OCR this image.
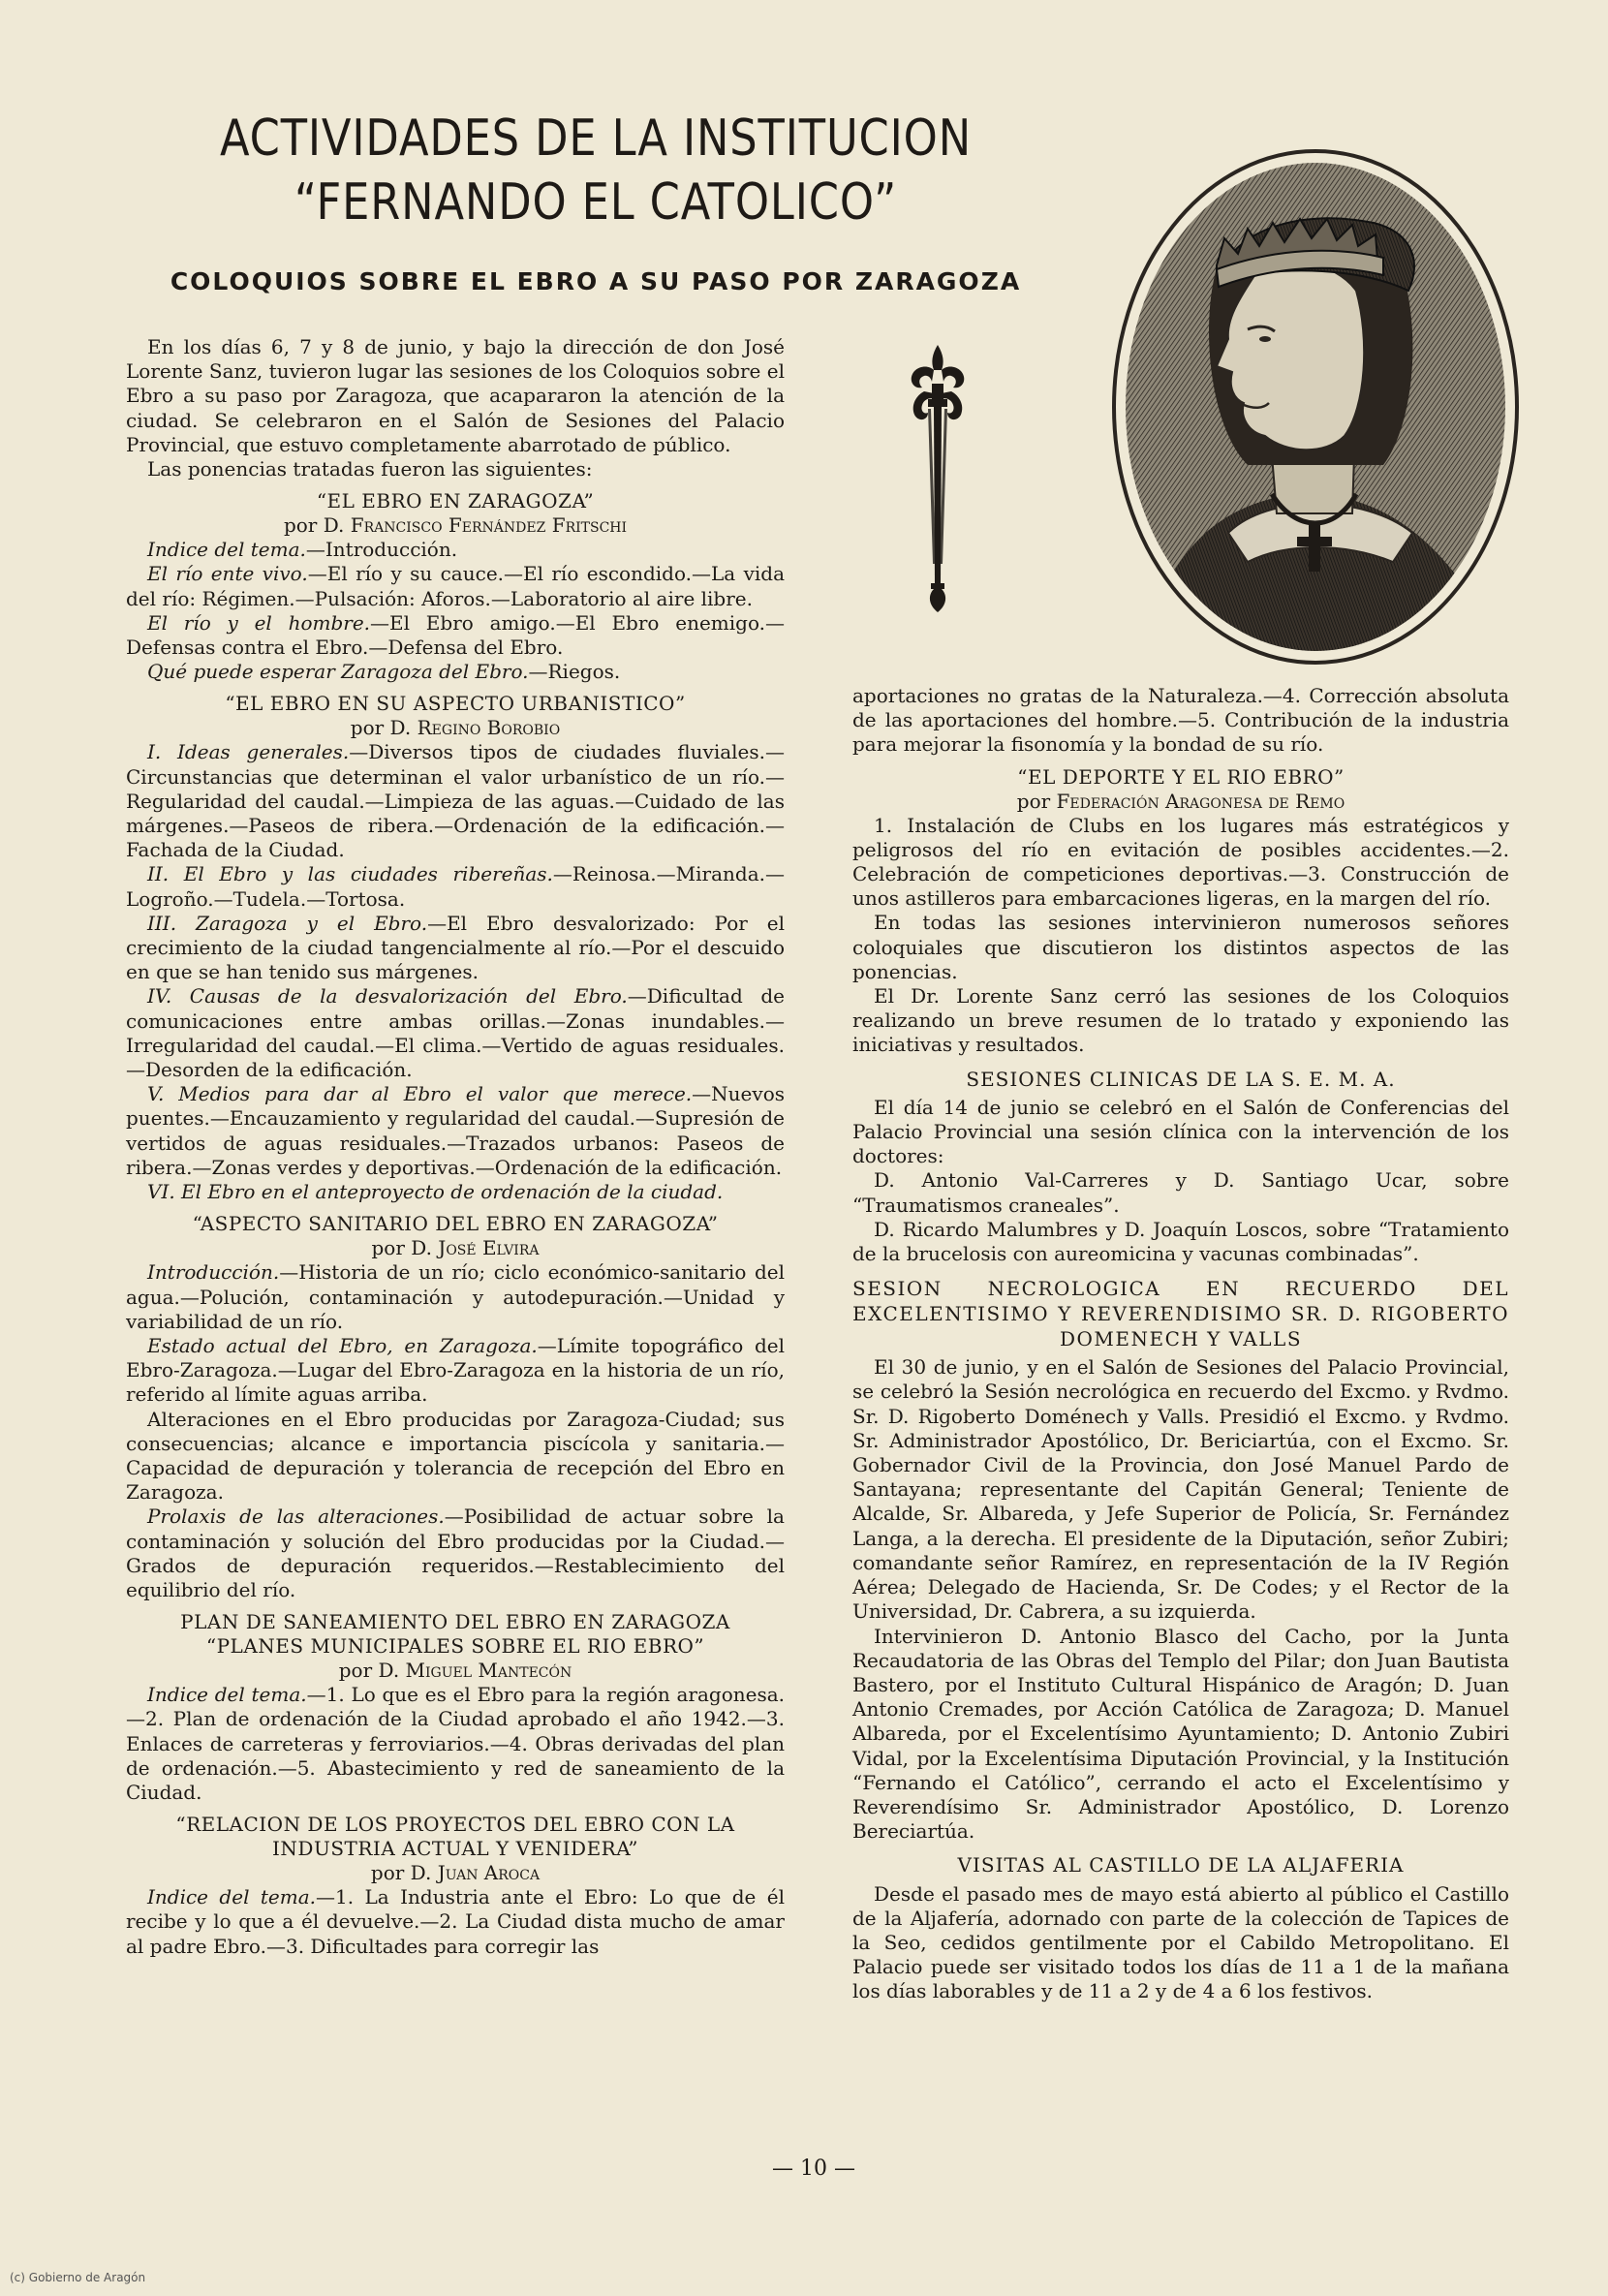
ACTIVIDADES DE LA INSTITUCION
“FERNANDO EL CATOLICO”
COLOQUIOS SOBRE EL EBRO A SU PASO POR ZARAGOZA

En los días 6, 7 y 8 de junio, y bajo la dirección de don José Lorente Sanz, tuvieron lugar las sesiones de los Coloquios sobre el Ebro a su paso por Zaragoza, que acapararon la atención de la ciudad. Se celebraron en el Salón de Sesiones del Palacio Provincial, que estuvo completamente abarrotado de público.

Las ponencias tratadas fueron las siguientes:

“EL EBRO EN ZARAGOZA”
por D. Francisco Fernández Fritschi

Indice del tema.—Introducción.

El río ente vivo.—El río y su cauce.—El río escondido.—La vida del río: Régimen.—Pulsación: Aforos.—Laboratorio al aire libre.

El río y el hombre.—El Ebro amigo.—El Ebro enemigo.—Defensas contra el Ebro.—Defensa del Ebro.

Qué puede esperar Zaragoza del Ebro.—Riegos.

“EL EBRO EN SU ASPECTO URBANISTICO”
por D. Regino Borobio

I. Ideas generales.—Diversos tipos de ciudades fluviales.—Circunstancias que determinan el valor urbanístico de un río.—Regularidad del caudal.—Limpieza de las aguas.—Cuidado de las márgenes.—Paseos de ribera.—Ordenación de la edificación.—Fachada de la Ciudad.

II. El Ebro y las ciudades ribereñas.—Reinosa.—Miranda.—Logroño.—Tudela.—Tortosa.

III. Zaragoza y el Ebro.—El Ebro desvalorizado: Por el crecimiento de la ciudad tangencialmente al río.—Por el descuido en que se han tenido sus márgenes.

IV. Causas de la desvalorización del Ebro.—Dificultad de comunicaciones entre ambas orillas.—Zonas inundables.—Irregularidad del caudal.—El clima.—Vertido de aguas residuales.—Desorden de la edificación.

V. Medios para dar al Ebro el valor que merece.—Nuevos puentes.—Encauzamiento y regularidad del caudal.—Supresión de vertidos de aguas residuales.—Trazados urbanos: Paseos de ribera.—Zonas verdes y deportivas.—Ordenación de la edificación.

VI. El Ebro en el anteproyecto de ordenación de la ciudad.

“ASPECTO SANITARIO DEL EBRO EN ZARAGOZA”
por D. José Elvira

Introducción.—Historia de un río; ciclo económico-sanitario del agua.—Polución, contaminación y autodepuración.—Unidad y variabilidad de un río.

Estado actual del Ebro, en Zaragoza.—Límite topográfico del Ebro-Zaragoza.—Lugar del Ebro-Zaragoza en la historia de un río, referido al límite aguas arriba.

Alteraciones en el Ebro producidas por Zaragoza-Ciudad; sus consecuencias; alcance e importancia piscícola y sanitaria.—Capacidad de depuración y tolerancia de recepción del Ebro en Zaragoza.

Prolaxis de las alteraciones.—Posibilidad de actuar sobre la contaminación y solución del Ebro producidas por la Ciudad.—Grados de depuración requeridos.—Restablecimiento del equilibrio del río.

PLAN DE SANEAMIENTO DEL EBRO EN ZARAGOZA
“PLANES MUNICIPALES SOBRE EL RIO EBRO”
por D. Miguel Mantecón

Indice del tema.—1. Lo que es el Ebro para la región aragonesa.—2. Plan de ordenación de la Ciudad aprobado el año 1942.—3. Enlaces de carreteras y ferroviarios.—4. Obras derivadas del plan de ordenación.—5. Abastecimiento y red de saneamiento de la Ciudad.

“RELACION DE LOS PROYECTOS DEL EBRO CON LA INDUSTRIA ACTUAL Y VENIDERA”
por D. Juan Aroca

Indice del tema.—1. La Industria ante el Ebro: Lo que de él recibe y lo que a él devuelve.—2. La Ciudad dista mucho de amar al padre Ebro.—3. Dificultades para corregir las

aportaciones no gratas de la Naturaleza.—4. Corrección absoluta de las aportaciones del hombre.—5. Contribución de la industria para mejorar la fisonomía y la bondad de su río.

“EL DEPORTE Y EL RIO EBRO”
por Federación Aragonesa de Remo

1. Instalación de Clubs en los lugares más estratégicos y peligrosos del río en evitación de posibles accidentes.—2. Celebración de competiciones deportivas.—3. Construcción de unos astilleros para embarcaciones ligeras, en la margen del río.

En todas las sesiones intervinieron numerosos señores coloquiales que discutieron los distintos aspectos de las ponencias.

El Dr. Lorente Sanz cerró las sesiones de los Coloquios realizando un breve resumen de lo tratado y exponiendo las iniciativas y resultados.

SESIONES CLINICAS DE LA S. E. M. A.

El día 14 de junio se celebró en el Salón de Conferencias del Palacio Provincial una sesión clínica con la intervención de los doctores:

D. Antonio Val-Carreres y D. Santiago Ucar, sobre “Traumatismos craneales”.

D. Ricardo Malumbres y D. Joaquín Loscos, sobre “Tratamiento de la brucelosis con aureomicina y vacunas combinadas”.

SESION NECROLOGICA EN RECUERDO DEL EXCELENTISIMO Y REVERENDISIMO SR. D. RIGOBERTO DOMENECH Y VALLS

El 30 de junio, y en el Salón de Sesiones del Palacio Provincial, se celebró la Sesión necrológica en recuerdo del Excmo. y Rvdmo. Sr. D. Rigoberto Doménech y Valls. Presidió el Excmo. y Rvdmo. Sr. Administrador Apostólico, Dr. Bericiartúa, con el Excmo. Sr. Gobernador Civil de la Provincia, don José Manuel Pardo de Santayana; representante del Capitán General; Teniente de Alcalde, Sr. Albareda, y Jefe Superior de Policía, Sr. Fernández Langa, a la derecha. El presidente de la Diputación, señor Zubiri; comandante señor Ramírez, en representación de la IV Región Aérea; Delegado de Hacienda, Sr. De Codes; y el Rector de la Universidad, Dr. Cabrera, a su izquierda.

Intervinieron D. Antonio Blasco del Cacho, por la Junta Recaudatoria de las Obras del Templo del Pilar; don Juan Bautista Bastero, por el Instituto Cultural Hispánico de Aragón; D. Juan Antonio Cremades, por Acción Católica de Zaragoza; D. Manuel Albareda, por el Excelentísimo Ayuntamiento; D. Antonio Zubiri Vidal, por la Excelentísima Diputación Provincial, y la Institución “Fernando el Católico”, cerrando el acto el Excelentísimo y Reverendísimo Sr. Administrador Apostólico, D. Lorenzo Bereciartúa.

VISITAS AL CASTILLO DE LA ALJAFERIA

Desde el pasado mes de mayo está abierto al público el Castillo de la Aljafería, adornado con parte de la colección de Tapices de la Seo, cedidos gentilmente por el Cabildo Metropolitano. El Palacio puede ser visitado todos los días de 11 a 1 de la mañana los días laborables y de 11 a 2 y de 4 a 6 los festivos.

— 10 —
(c) Gobierno de Aragón
